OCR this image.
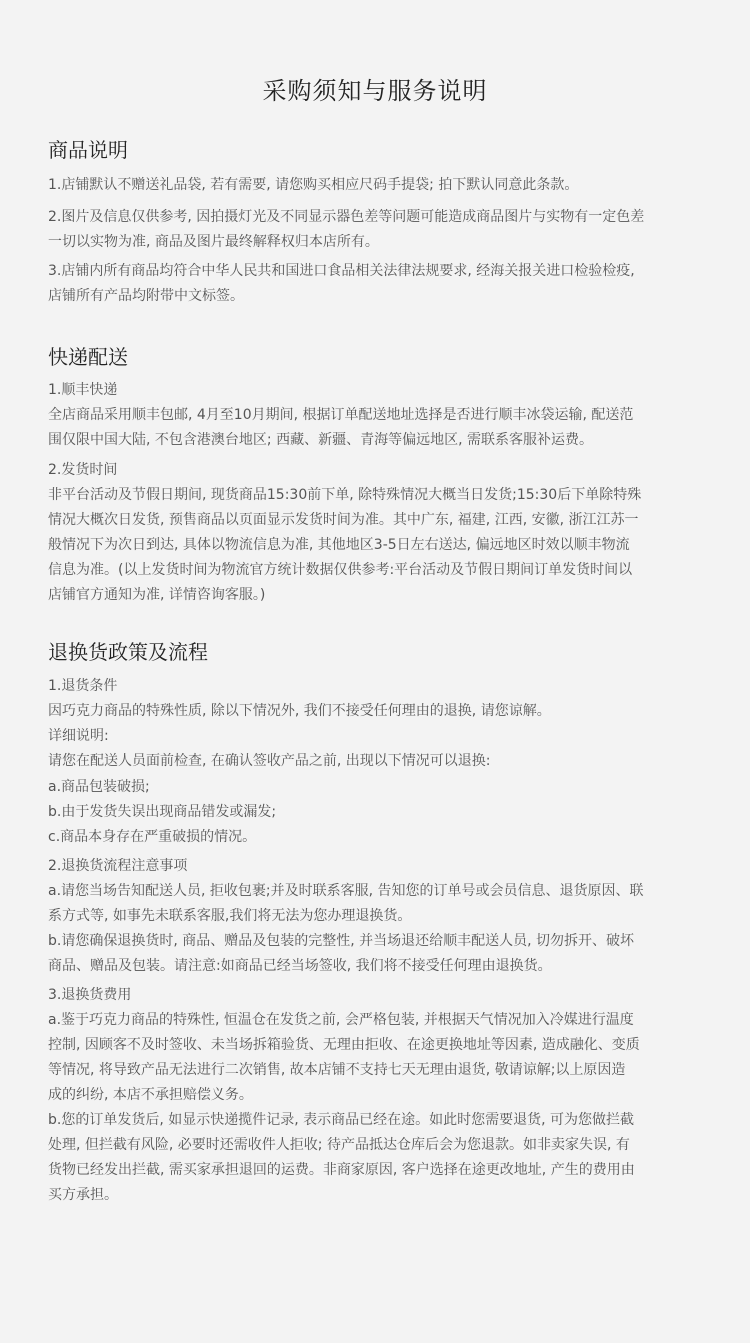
采购须知与服务说明
商品说明
1.店铺默认不赠送礼品袋, 若有需要, 请您购买相应尺码手提袋; 拍下默认同意此条款。
2.图片及信息仅供参考, 因拍摄灯光及不同显示器色差等问题可能造成商品图片与实物有一定色差
一切以实物为准, 商品及图片最终解释权归本店所有。
3.店铺内所有商品均符合中华人民共和国进口食品相关法律法规要求, 经海关报关进口检验检疫,
店铺所有产品均附带中文标签。
快递配送
1.顺丰快递
全店商品采用顺丰包邮, 4月至10月期间, 根据订单配送地址选择是否进行顺丰冰袋运输, 配送范
围仅限中国大陆, 不包含港澳台地区; 西藏、新疆、青海等偏远地区, 需联系客服补运费。
2.发货时间
非平台活动及节假日期间, 现货商品15:30前下单, 除特殊情况大概当日发货;15:30后下单除特殊
情况大概次日发货, 预售商品以页面显示发货时间为准。其中广东, 福建, 江西, 安徽, 浙江江苏一
般情况下为次日到达, 具体以物流信息为准, 其他地区3-5日左右送达, 偏远地区时效以顺丰物流
信息为准。(以上发货时间为物流官方统计数据仅供参考:平台活动及节假日期间订单发货时间以
店铺官方通知为准, 详情咨询客服。)
退换货政策及流程
1.退货条件
因巧克力商品的特殊性质, 除以下情况外, 我们不接受任何理由的退换, 请您谅解。
详细说明:
请您在配送人员面前检查, 在确认签收产品之前, 出现以下情况可以退换:
a.商品包装破损;
b.由于发货失误出现商品错发或漏发;
c.商品本身存在严重破损的情况。
2.退换货流程注意事项
a.请您当场告知配送人员, 拒收包裹;并及时联系客服, 告知您的订单号或会员信息、退货原因、联
系方式等, 如事先未联系客服,我们将无法为您办理退换货。
b.请您确保退换货时, 商品、赠品及包装的完整性, 并当场退还给顺丰配送人员, 切勿拆开、破坏
商品、赠品及包装。请注意:如商品已经当场签收, 我们将不接受任何理由退换货。
3.退换货费用
a.鉴于巧克力商品的特殊性, 恒温仓在发货之前, 会严格包装, 并根据天气情况加入冷媒进行温度
控制, 因顾客不及时签收、未当场拆箱验货、无理由拒收、在途更换地址等因素, 造成融化、变质
等情况, 将导致产品无法进行二次销售, 故本店铺不支持七天无理由退货, 敬请谅解;以上原因造
成的纠纷, 本店不承担赔偿义务。
b.您的订单发货后, 如显示快递揽件记录, 表示商品已经在途。如此时您需要退货, 可为您做拦截
处理, 但拦截有风险, 必要时还需收件人拒收; 待产品抵达仓库后会为您退款。如非卖家失误, 有
货物已经发出拦截, 需买家承担退回的运费。非商家原因, 客户选择在途更改地址, 产生的费用由
买方承担。
